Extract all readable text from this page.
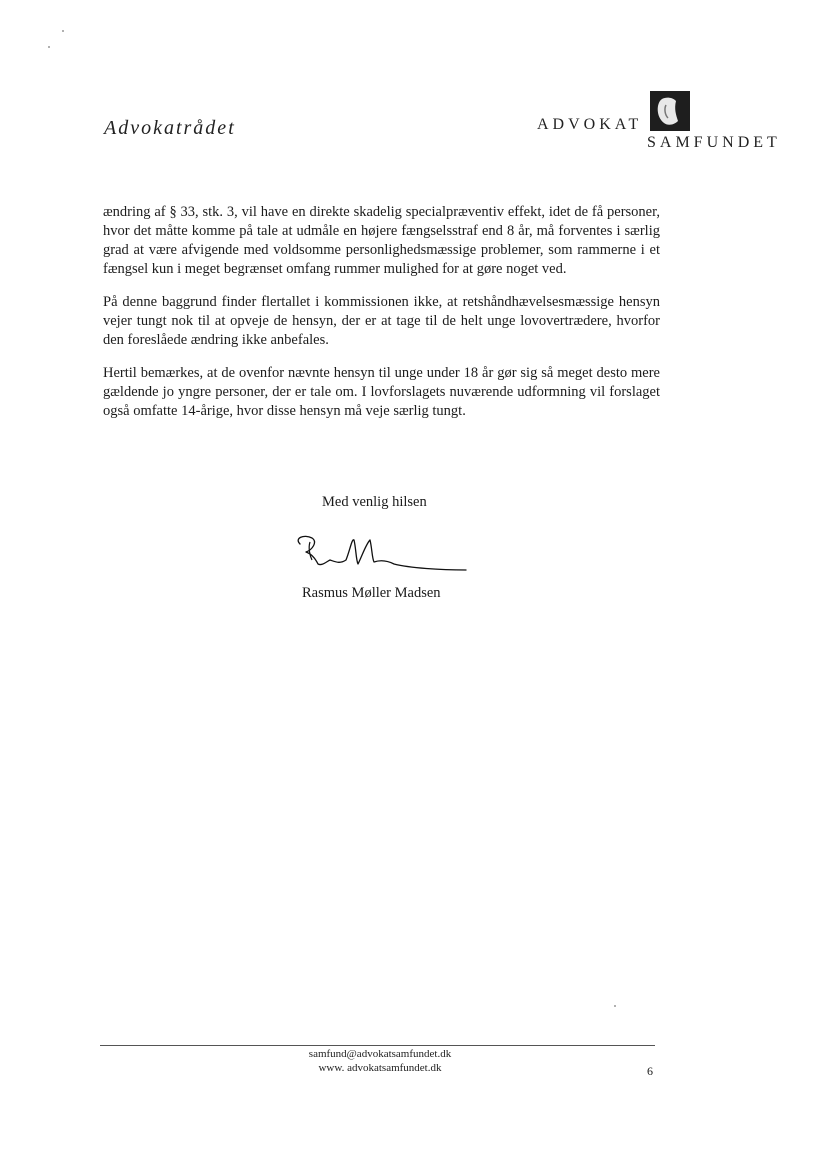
Advokatrådet	ADVOKAT
SAMFUNDET

ændring af § 33, stk. 3, vil have en direkte skadelig specialpræventiv effekt, idet de få personer, hvor det måtte komme på tale at udmåle en højere fængselsstraf end 8 år, må forventes i særlig grad at være afvigende med voldsomme personlighedsmæssige problemer, som rammerne i et fængsel kun i meget begrænset omfang rummer mulighed for at gøre noget ved.

På denne baggrund finder flertallet i kommissionen ikke, at retshåndhævelsesmæssige hensyn vejer tungt nok til at opveje de hensyn, der er at tage til de helt unge lovovertrædere, hvorfor den foreslåede ændring ikke anbefales.

Hertil bemærkes, at de ovenfor nævnte hensyn til unge under 18 år gør sig så meget desto mere gældende jo yngre personer, der er tale om. I lovforslagets nuværende udformning vil forslaget også omfatte 14-årige, hvor disse hensyn må veje særlig tungt.

Med venlig hilsen
Rasmus Møller Madsen
samfund@advokatsamfundet.dk
www. advokatsamfundet.dk	6
